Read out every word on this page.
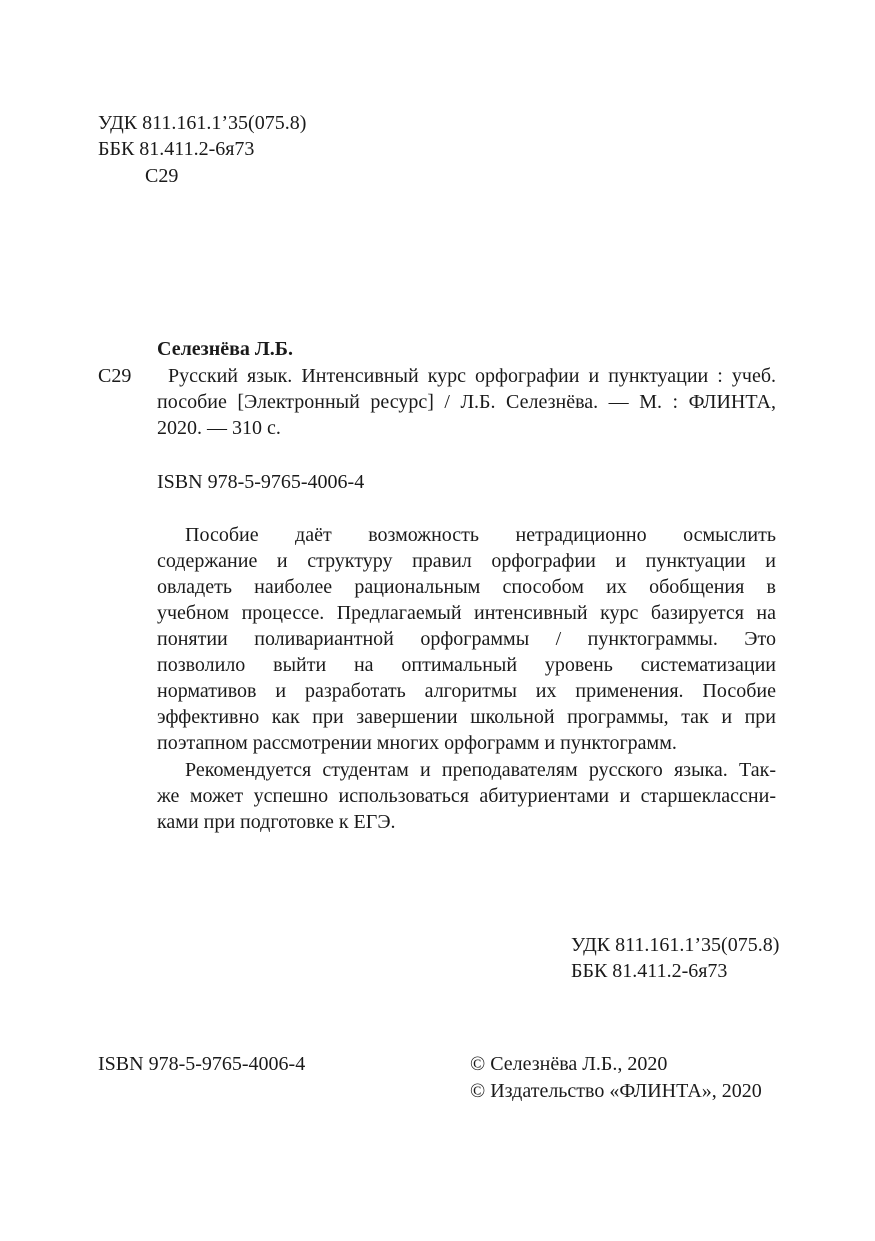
УДК 811.161.1’35(075.8)
ББК 81.411.2-6я73
С29
Селезнёва Л.Б.
С29	Русский язык. Интенсивный курс орфографии и пунктуации : учеб.
пособие [Электронный ресурс] / Л.Б. Селезнёва. — М. : ФЛИНТА,
2020. — 310 с.
ISBN 978-5-9765-4006-4
Пособие даёт возможность нетрадиционно осмыслить
содержание и структуру правил орфографии и пунктуации и
овладеть наиболее рациональным способом их обобщения в
учебном процессе. Предлагаемый интенсивный курс базируется на
понятии поливариантной орфограммы / пунктограммы. Это
позволило выйти на оптимальный уровень систематизации
нормативов и разработать алгоритмы их применения. Пособие
эффективно как при завершении школьной программы, так и при
поэтапном рассмотрении многих орфограмм и пунктограмм.
Рекомендуется студентам и преподавателям русского языка. Так-
же может успешно использоваться абитуриентами и старшеклассни-
ками при подготовке к ЕГЭ.
УДК 811.161.1’35(075.8)
ББК 81.411.2-6я73
ISBN 978-5-9765-4006-4	© Селезнёва Л.Б., 2020
© Издательство «ФЛИНТА», 2020
